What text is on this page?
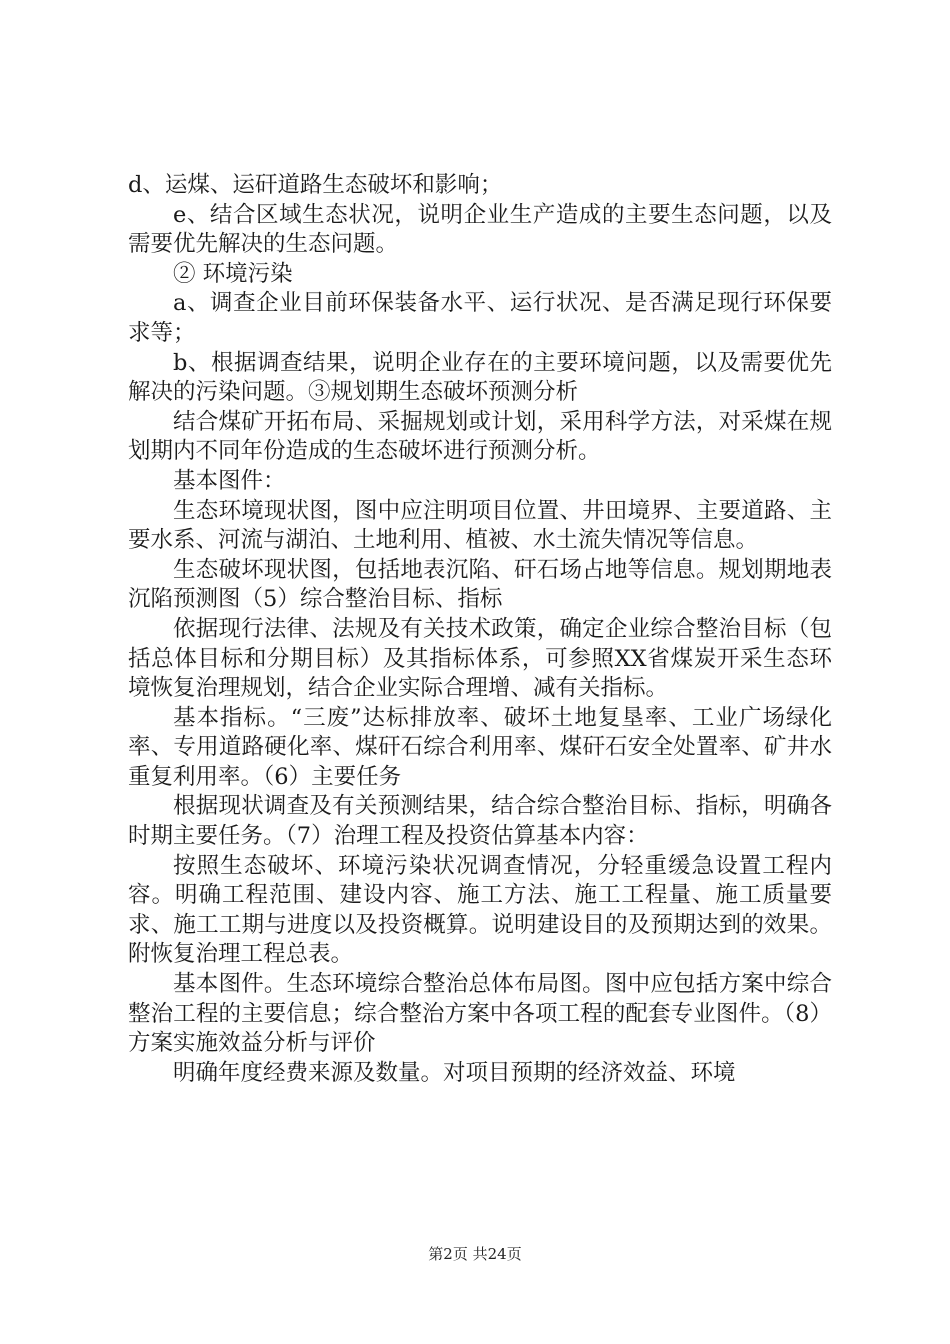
d、运煤、运矸道路生态破坏和影响；

e、结合区域生态状况，说明企业生产造成的主要生态问题，以及需要优先解决的生态问题。

② 环境污染

a、调查企业目前环保装备水平、运行状况、是否满足现行环保要求等；

b、根据调查结果，说明企业存在的主要环境问题，以及需要优先解决的污染问题。③规划期生态破坏预测分析

结合煤矿开拓布局、采掘规划或计划，采用科学方法，对采煤在规划期内不同年份造成的生态破坏进行预测分析。

基本图件：

生态环境现状图，图中应注明项目位置、井田境界、主要道路、主要水系、河流与湖泊、土地利用、植被、水土流失情况等信息。

生态破坏现状图，包括地表沉陷、矸石场占地等信息。规划期地表沉陷预测图（5）综合整治目标、指标

依据现行法律、法规及有关技术政策，确定企业综合整治目标（包括总体目标和分期目标）及其指标体系，可参照XX省煤炭开采生态环境恢复治理规划，结合企业实际合理增、减有关指标。

基本指标。“三废”达标排放率、破坏土地复垦率、工业广场绿化率、专用道路硬化率、煤矸石综合利用率、煤矸石安全处置率、矿井水重复利用率。（6）主要任务

根据现状调查及有关预测结果，结合综合整治目标、指标，明确各时期主要任务。（7）治理工程及投资估算基本内容：

按照生态破坏、环境污染状况调查情况，分轻重缓急设置工程内容。明确工程范围、建设内容、施工方法、施工工程量、施工质量要求、施工工期与进度以及投资概算。说明建设目的及预期达到的效果。附恢复治理工程总表。

基本图件。生态环境综合整治总体布局图。图中应包括方案中综合整治工程的主要信息；综合整治方案中各项工程的配套专业图件。（8）方案实施效益分析与评价

明确年度经费来源及数量。对项目预期的经济效益、环境

第2页 共24页
